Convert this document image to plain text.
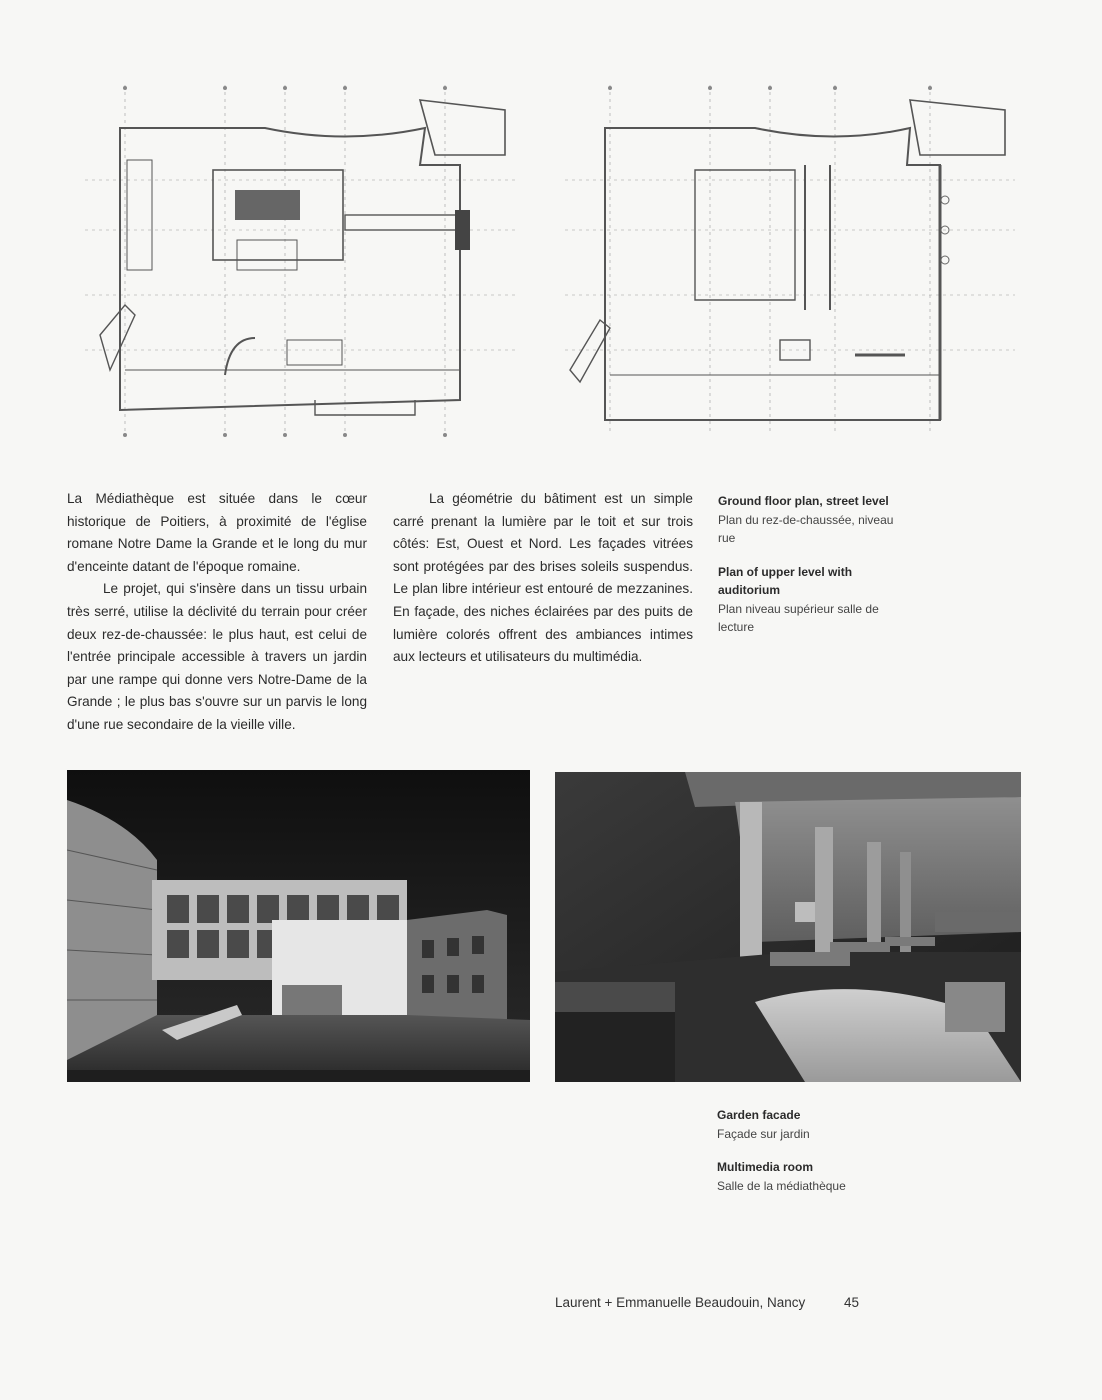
La Médiathèque est située dans le cœur historique de Poitiers, à proximité de l'église romane Notre Dame la Grande et le long du mur d'enceinte datant de l'époque romaine.

Le projet, qui s'insère dans un tissu urbain très serré, utilise la déclivité du terrain pour créer deux rez-de-chaussée: le plus haut, est celui de l'entrée principale accessible à travers un jardin par une rampe qui donne vers Notre-Dame de la Grande ; le plus bas s'ouvre sur un parvis le long d'une rue secondaire de la vieille ville.

La géométrie du bâtiment est un simple carré prenant la lumière par le toit et sur trois côtés: Est, Ouest et Nord. Les façades vitrées sont protégées par des brises soleils suspendus. Le plan libre intérieur est entouré de mezzanines. En façade, des niches éclairées par des puits de lumière colorés offrent des ambiances intimes aux lecteurs et utilisateurs du multimédia.

Ground floor plan, street level
Plan du rez-de-chaussée, niveau rue
Plan of upper level with auditorium
Plan niveau supérieur salle de lecture
Garden facade
Façade sur jardin
Multimedia room
Salle de la médiathèque
Laurent + Emmanuelle Beaudouin, Nancy	45
